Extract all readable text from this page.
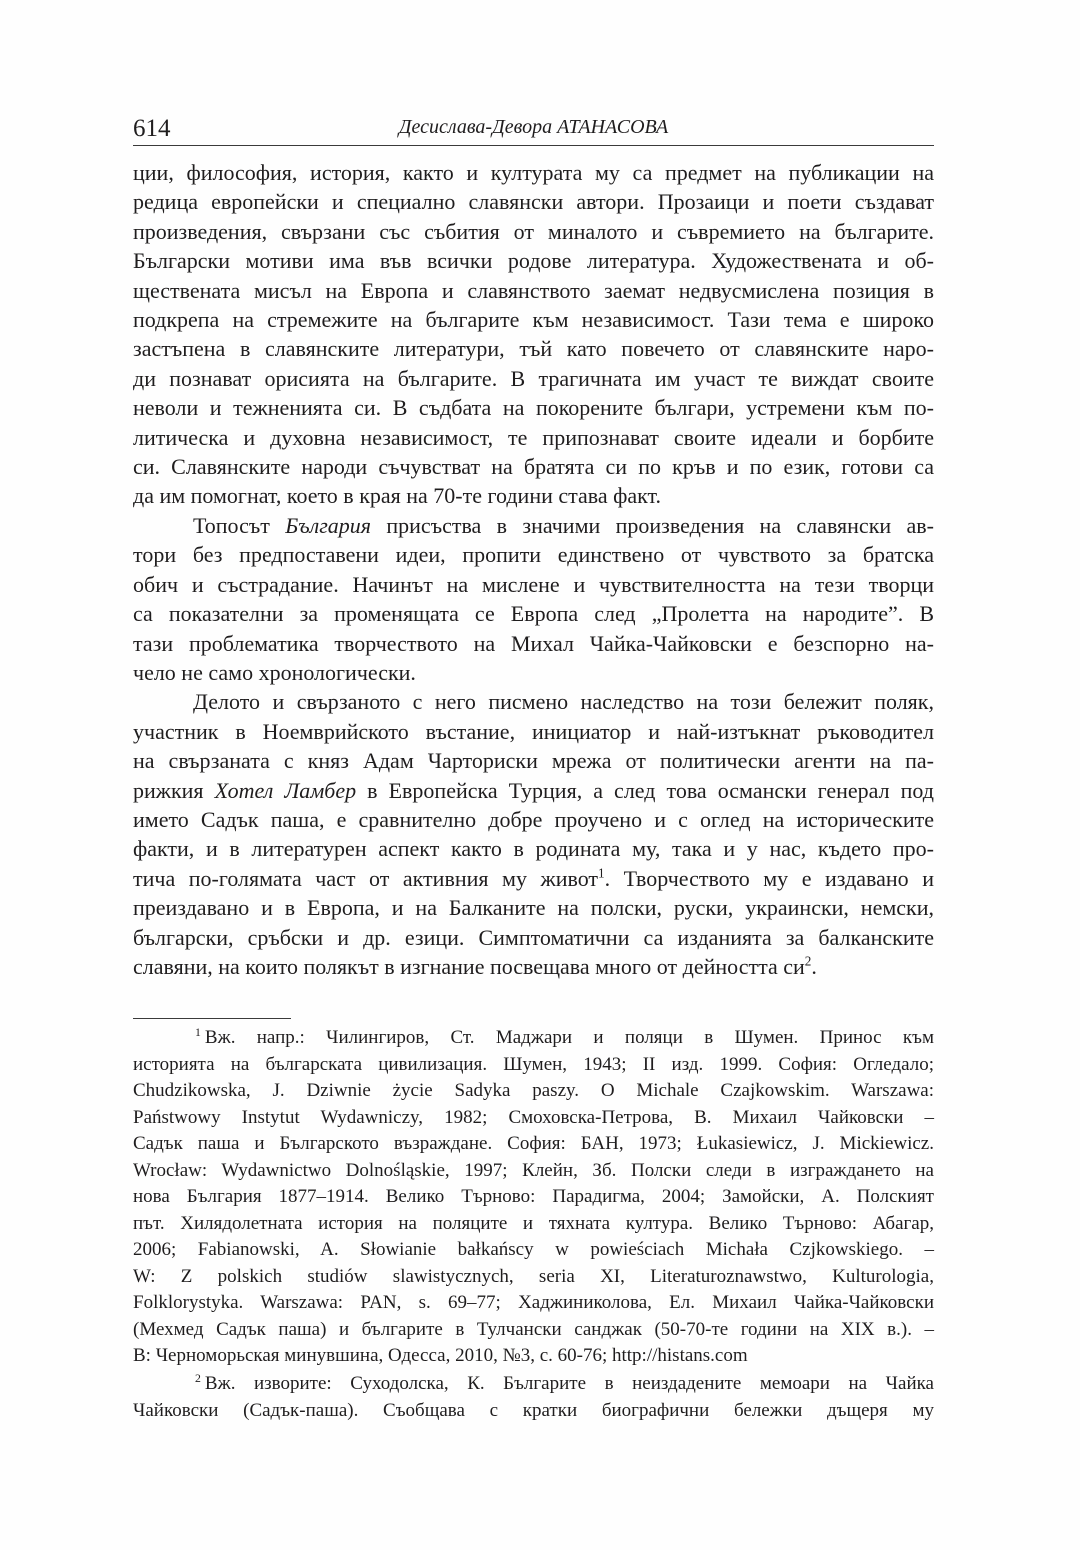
614	Десислава-Девора АТАНАСОВА
ции, философия, история, както и културата му са предмет на публикации на
редица европейски и специално славянски автори. Прозаици и поети създават
произведения, свързани със събития от миналото и съвремието на българите.
Български мотиви има във всички родове литература. Художествената и об-
ществената мисъл на Европа и славянството заемат недвусмислена позиция в
подкрепа на стремежите на българите към независимост. Тази тема е широко
застъпена в славянските литератури, тъй като повечето от славянските наро-
ди познават орисията на българите. В трагичната им участ те виждат своите
неволи и тежненията си. В съдбата на покорените българи, устремени към по-
литическа и духовна независимост, те припознават своите идеали и борбите
си. Славянските народи съчувстват на братята си по кръв и по език, готови са
да им помогнат, което в края на 70-те години става факт.
Топосът България присъства в значими произведения на славянски ав-
тори без предпоставени идеи, пропити единствено от чувството за братска
обич и състрадание. Начинът на мислене и чувствителността на тези творци
са показателни за променящата се Европа след „Пролетта на народите”. В
тази проблематика творчеството на Михал Чайка-Чайковски е безспорно на-
чело не само хронологически.
Делото и свързаното с него писмено наследство на този бележит поляк,
участник в Ноемврийското въстание, инициатор и най-изтъкнат ръководител
на свързаната с княз Адам Чарториски мрежа от политически агенти на па-
рижкия Хотел Ламбер в Европейска Турция, а след това османски генерал под
името Садък паша, е сравнително добре проучено и с оглед на историческите
факти, и в литературен аспект както в родината му, така и у нас, където про-
тича по-голямата част от активния му живот$^1$. Творчеството му е издавано и
преиздавано и в Европа, и на Балканите на полски, руски, украински, немски,
български, сръбски и др. езици. Симптоматични са изданията за балканските
славяни, на които полякът в изгнание посвещава много от дейността $си^2$.
$^1$ Вж. напр.: Чилингиров, Ст. Маджари и поляци в Шумен. Принос към
историята на българската цивилизация. Шумен, 1943; II изд. 1999. София: Огледало;
Chudzikowska, J. Dziwnie życie Sadyka paszy. O Michale Czajkowskim. Warszawa:
Państwowy Instytut Wydawniczy, 1982; Смоховска-Петрова, В. Михаил Чайковски –
Садък паша и Българското възраждане. София: БАН, 1973; Łukasiewicz, J. Mickiewicz.
Wrocław: Wydawnictwo Dolnośląskie, 1997; Клейн, Зб. Полски следи в изграждането на
нова България 1877–1914. Велико Търново: Парадигма, 2004; Замойски, А. Полският
път. Хилядолетната история на поляците и тяхната култура. Велико Търново: Абагар,
2006; Fabianowski, A. Słowianie bałkańscy w powieściach Michała Czjkowskiego. –
W: Z polskich studiów slawistycznych, seria XI, Literaturoznawstwo, Kulturologia,
Folklorystyka. Warszawa: PAN, s. 69–77; Хаджиниколова, Ел. Михаил Чайка-Чайковски
(Мехмед Садък паша) и българите в Тулчански санджак (50-70-те години на XIX в.). –
В: Черноморьская минувшина, Одесса, 2010, №3, с. 60-76; http://histans.com
$^2$ Вж. изворите: Суходолска, К. Българите в неиздадените мемоари на Чайка
Чайковски (Садък-паша). Съобщава с кратки биографични бележки дъщеря му
